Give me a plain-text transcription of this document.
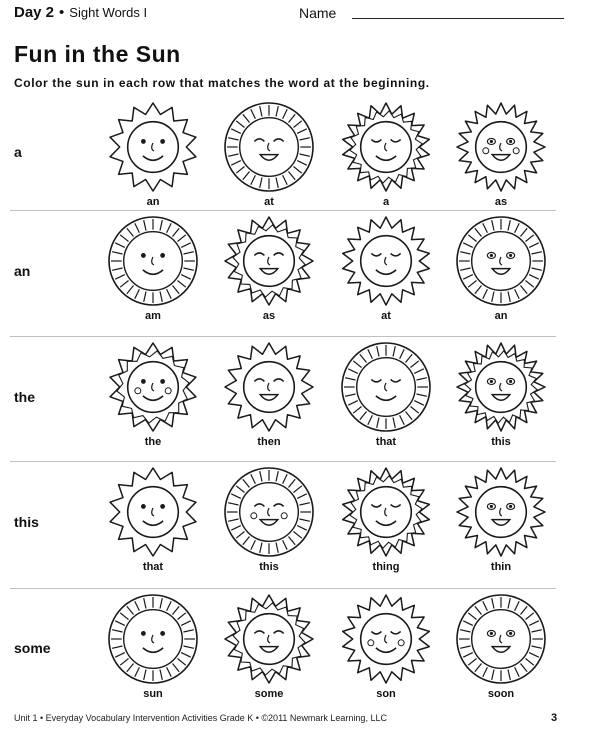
Day 2 • Sight Words I	Name
Fun in the Sun
Color the sun in each row that matches the word at the beginning.
a
an	at	a	as
an
am	as	at	an
the
the	then	that	this
this
that	this	thing	thin
some
sun	some	son	soon
Unit 1 • Everyday Vocabulary Intervention Activities Grade K • ©2011 Newmark Learning, LLC	3
